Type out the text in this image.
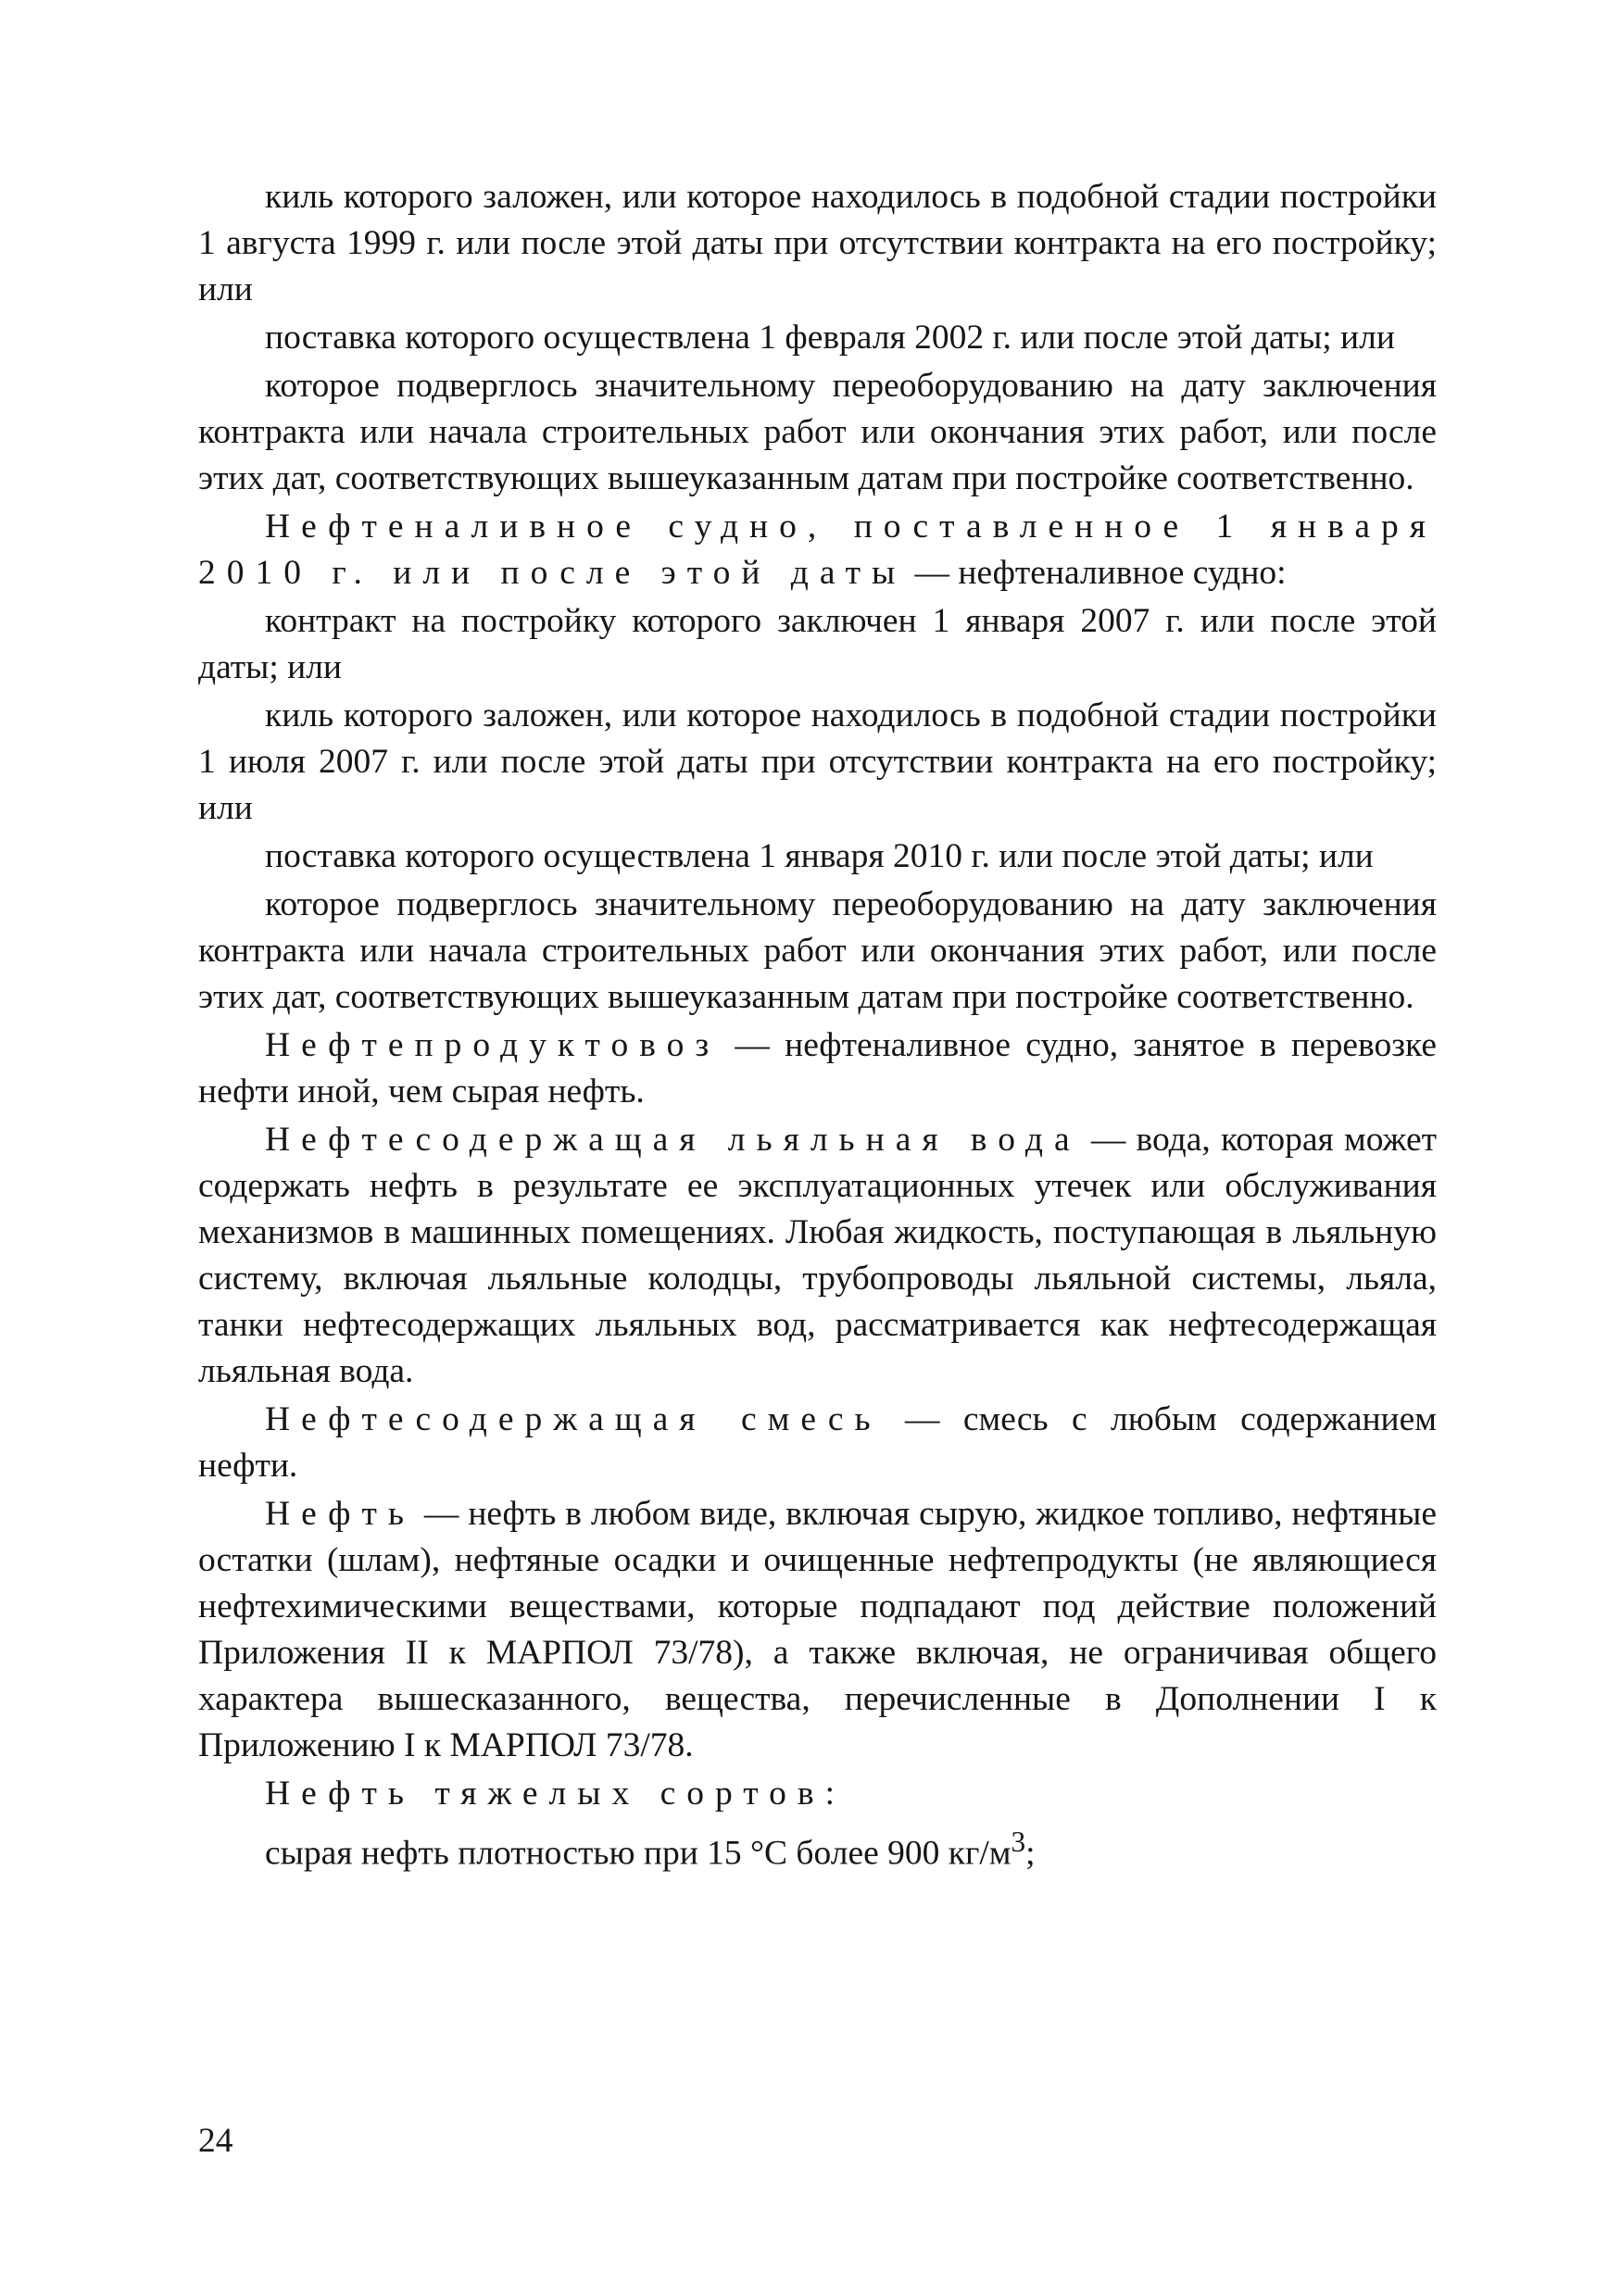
киль которого заложен, или которое находилось в подобной стадии постройки 1 августа 1999 г. или после этой даты при отсутствии контракта на его постройку; или

поставка которого осуществлена 1 февраля 2002 г. или после этой даты; или

которое подверглось значительному переоборудованию на дату заключения контракта или начала строительных работ или окончания этих работ, или после этих дат, соответствующих вышеуказанным датам при постройке соответственно.

Нефтеналивное судно, поставленное 1 января 2010 г. или после этой даты — нефтеналивное судно:

контракт на постройку которого заключен 1 января 2007 г. или после этой даты; или

киль которого заложен, или которое находилось в подобной стадии постройки 1 июля 2007 г. или после этой даты при отсутствии контракта на его постройку; или

поставка которого осуществлена 1 января 2010 г. или после этой даты; или

которое подверглось значительному переоборудованию на дату заключения контракта или начала строительных работ или окончания этих работ, или после этих дат, соответствующих вышеуказанным датам при постройке соответственно.

Нефтепродуктовоз — нефтеналивное судно, занятое в перевозке нефти иной, чем сырая нефть.

Нефтесодержащая льяльная вода — вода, которая может содержать нефть в результате ее эксплуатационных утечек или обслуживания механизмов в машинных помещениях. Любая жидкость, поступающая в льяльную систему, включая льяльные колодцы, трубопроводы льяльной системы, льяла, танки нефтесодержащих льяльных вод, рассматривается как нефтесодержащая льяльная вода.

Нефтесодержащая смесь — смесь с любым содержанием нефти.

Нефть — нефть в любом виде, включая сырую, жидкое топливо, нефтяные остатки (шлам), нефтяные осадки и очищенные нефтепродукты (не являющиеся нефтехимическими веществами, которые подпадают под действие положений Приложения II к МАРПОЛ 73/78), а также включая, не ограничивая общего характера вышесказанного, вещества, перечисленные в Дополнении I к Приложению I к МАРПОЛ 73/78.

Нефть тяжелых сортов:

сырая нефть плотностью при 15 °С более 900 $кг/м^3$;

24
